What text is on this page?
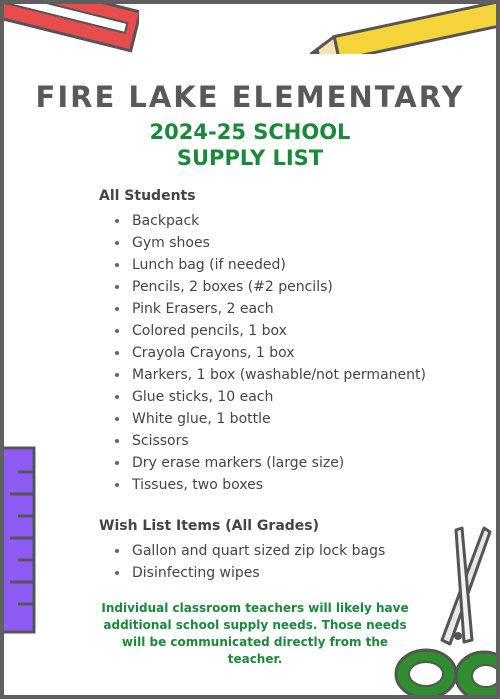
FIRE LAKE ELEMENTARY
2024-25 SCHOOL
SUPPLY LIST
All Students
• Backpack
• Gym shoes
• Lunch bag (if needed)
• Pencils, 2 boxes (#2 pencils)
• Pink Erasers, 2 each
• Colored pencils, 1 box
• Crayola Crayons, 1 box
• Markers, 1 box (washable/not permanent)
• Glue sticks, 10 each
• White glue, 1 bottle
• Scissors
• Dry erase markers (large size)
• Tissues, two boxes
Wish List Items (All Grades)
• Gallon and quart sized zip lock bags
• Disinfecting wipes
Individual classroom teachers will likely have additional school supply needs. Those needs will be communicated directly from the teacher.
